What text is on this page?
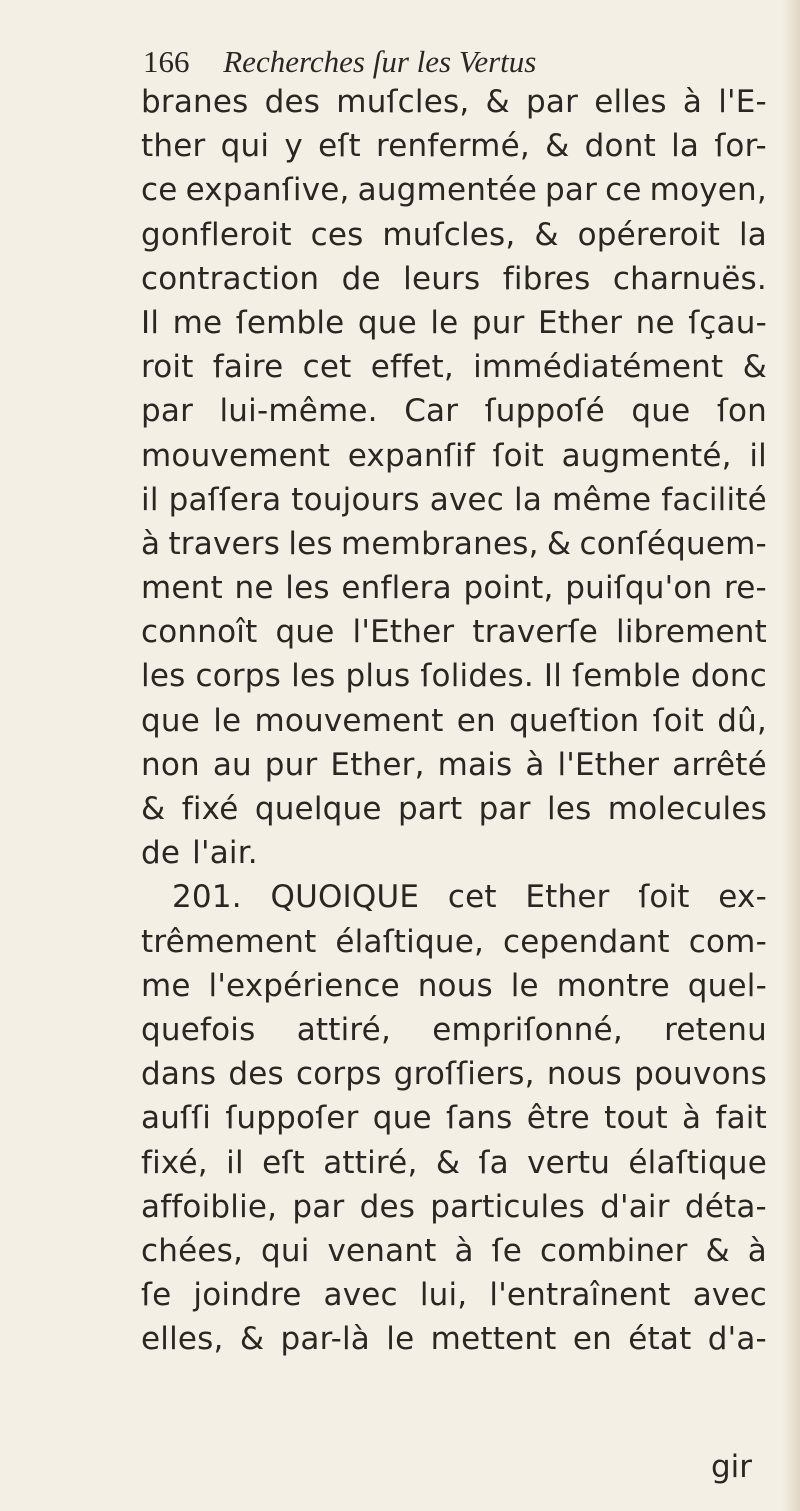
166 Recherches ſur les Vertus
branes des muſcles, & par elles à l'E-
ther qui y eſt renfermé, & dont la ſor-
ce expanſive, augmentée par ce moyen,
gonfleroit ces muſcles, & opéreroit la
contraction de leurs fibres charnuës.
Il me ſemble que le pur Ether ne ſçau-
roit faire cet effet, immédiatément &
par lui-même. Car ſuppoſé que ſon
mouvement expanſif ſoit augmenté, il
il paſſera toujours avec la même facilité
à travers les membranes, & conſéquem-
ment ne les enflera point, puiſqu'on re-
connoît que l'Ether traverſe librement
les corps les plus ſolides. Il ſemble donc
que le mouvement en queſtion ſoit dû,
non au pur Ether, mais à l'Ether arrêté
& fixé quelque part par les molecules
de l'air.
201. QUOIQUE cet Ether ſoit ex-
trêmement élaſtique, cependant com-
me l'expérience nous le montre quel-
quefois attiré, empriſonné, retenu
dans des corps groſſiers, nous pouvons
auſſi ſuppoſer que ſans être tout à fait
fixé, il eſt attiré, & ſa vertu élaſtique
affoiblie, par des particules d'air déta-
chées, qui venant à ſe combiner & à
ſe joindre avec lui, l'entraînent avec
elles, & par-là le mettent en état d'a-
gir
